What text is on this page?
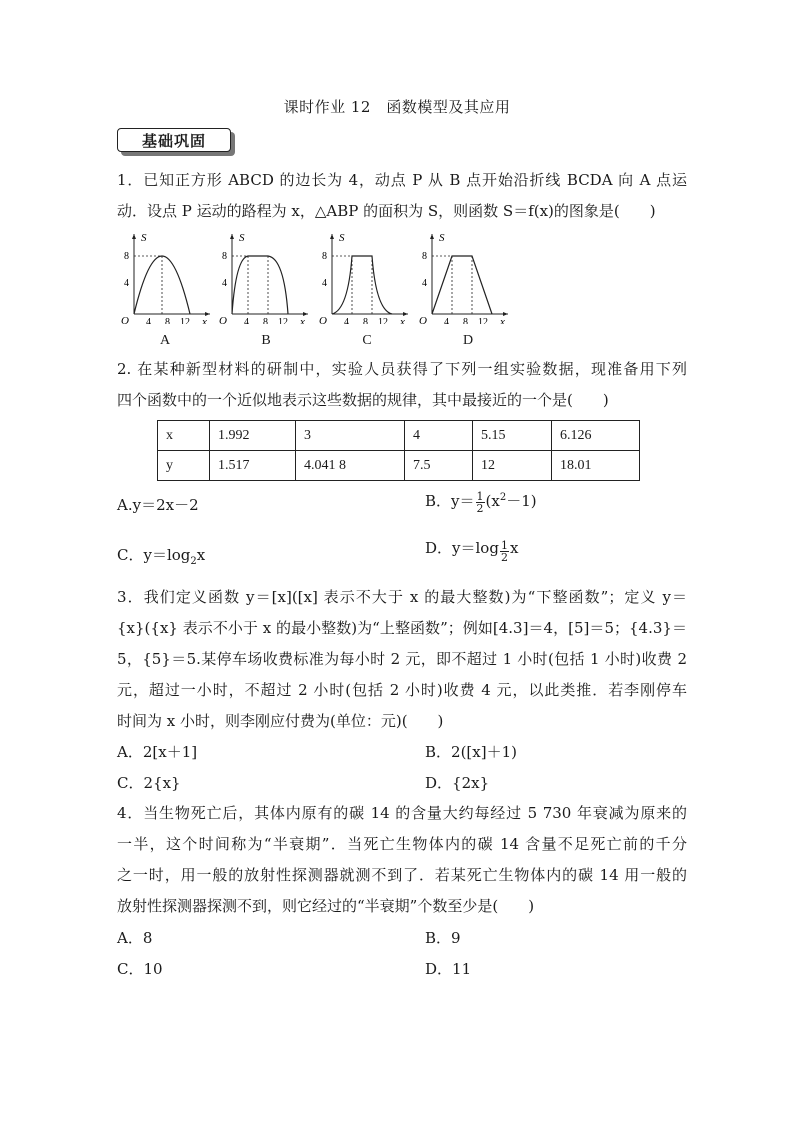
课时作业 12　函数模型及其应用
基础巩固
1．已知正方形 ABCD 的边长为 4，动点 P 从 B 点开始沿折线 BCDA 向 A 点运
动．设点 P 运动的路程为 x，△ABP 的面积为 S，则函数 S＝f(x)的图象是(　　)
S
x
O
4
8
4 8 12
A
S
x
O
4
8
4 8 12
B
S
x
O
4
8
4 8 12
C
S
x
O
4
8
4 8 12
D
2. 在某种新型材料的研制中，实验人员获得了下列一组实验数据，现准备用下列
四个函数中的一个近似地表示这些数据的规律，其中最接近的一个是(　　)
x	1.992	3	4	5.15	6.126
y	1.517	4.041 8	7.5	12	18.01
A.y＝2x－2	B．$y= \frac{1}{2} (x^2-1)$
C．$y=\log_2x$	D．$y=\log \frac{1}{2}$ x
3．我们定义函数 y＝[x]([x] 表示不大于 x 的最大整数)为“下整函数”；定义 y＝
{x}({x} 表示不小于 x 的最小整数)为“上整函数”；例如[4.3]＝4，[5]＝5；{4.3}＝
5，{5}＝5.某停车场收费标准为每小时 2 元，即不超过 1 小时(包括 1 小时)收费 2
元，超过一小时，不超过 2 小时(包括 2 小时)收费 4 元，以此类推．若李刚停车
时间为 x 小时，则李刚应付费为(单位：元)(　　)
A．2[x＋1]	B．2([x]＋1)
C．2{x}	D．{2x}
4．当生物死亡后，其体内原有的碳 14 的含量大约每经过 5 730 年衰减为原来的
一半，这个时间称为“半衰期”．当死亡生物体内的碳 14 含量不足死亡前的千分
之一时，用一般的放射性探测器就测不到了．若某死亡生物体内的碳 14 用一般的
放射性探测器探测不到，则它经过的“半衰期”个数至少是(　　)
A．8	B．9
C．10	D．11
